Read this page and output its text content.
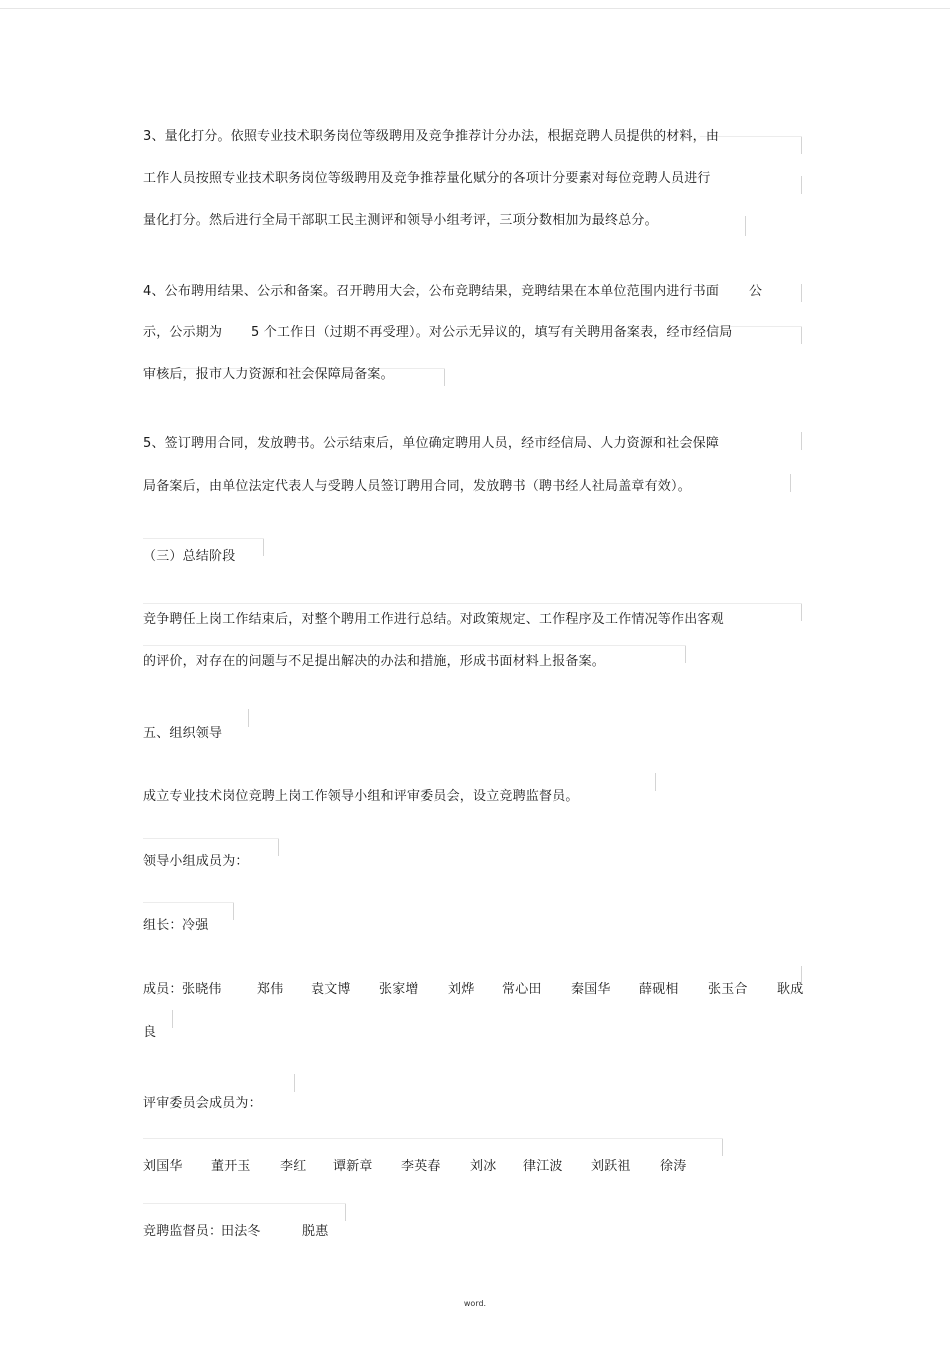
3、量化打分。依照专业技术职务岗位等级聘用及竞争推荐计分办法，根据竞聘人员提供的材料，由
工作人员按照专业技术职务岗位等级聘用及竞争推荐量化赋分的各项计分要素对每位竞聘人员进行
量化打分。然后进行全局干部职工民主测评和领导小组考评，三项分数相加为最终总分。
4、公布聘用结果、公示和备案。召开聘用大会，公布竞聘结果，竞聘结果在本单位范围内进行书面 公
示，公示期为 5 个工作日（过期不再受理）。对公示无异议的，填写有关聘用备案表，经市经信局
审核后，报市人力资源和社会保障局备案。
5、签订聘用合同，发放聘书。公示结束后，单位确定聘用人员，经市经信局、人力资源和社会保障
局备案后，由单位法定代表人与受聘人员签订聘用合同，发放聘书（聘书经人社局盖章有效）。
（三）总结阶段
竞争聘任上岗工作结束后，对整个聘用工作进行总结。对政策规定、工作程序及工作情况等作出客观
的评价，对存在的问题与不足提出解决的办法和措施，形成书面材料上报备案。
五、组织领导
成立专业技术岗位竞聘上岗工作领导小组和评审委员会，设立竞聘监督员。
领导小组成员为：
组长： 冷强
成员： 张晓伟	郑伟 袁文博 张家增 刘烨 常心田 秦国华 薛砚相 张玉合 耿成
良
评审委员会成员为：
刘国华 董开玉 李红 谭新章 李英春 刘冰 律江波 刘跃祖 徐涛
竞聘监督员：
田法冬	脱惠
word.
